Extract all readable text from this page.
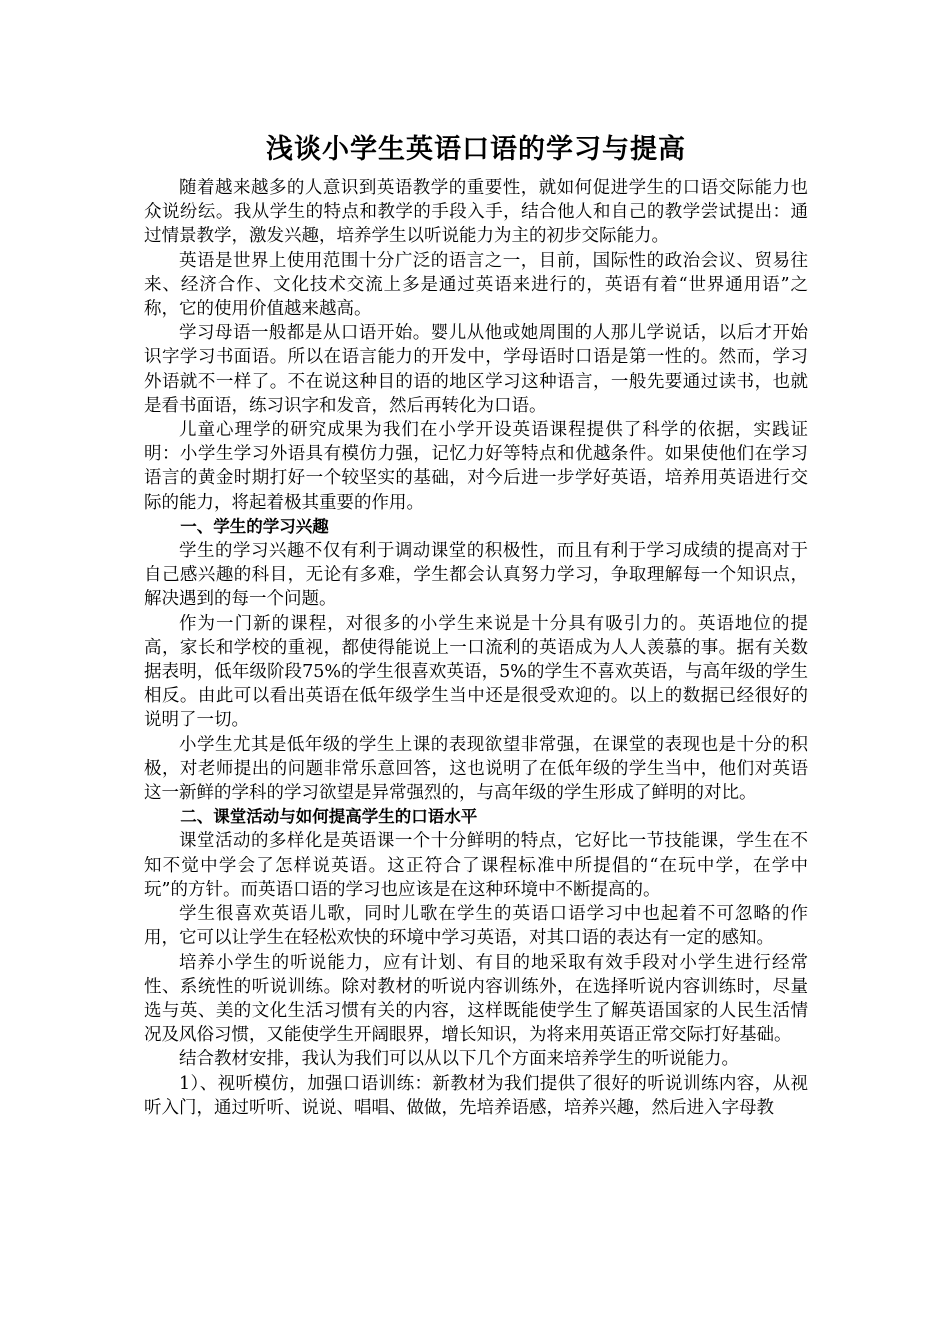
浅谈小学生英语口语的学习与提高

随着越来越多的人意识到英语教学的重要性，就如何促进学生的口语交际能力也众说纷纭。我从学生的特点和教学的手段入手，结合他人和自己的教学尝试提出：通过情景教学，激发兴趣，培养学生以听说能力为主的初步交际能力。

英语是世界上使用范围十分广泛的语言之一，目前，国际性的政治会议、贸易往来、经济合作、文化技术交流上多是通过英语来进行的，英语有着“世界通用语”之称，它的使用价值越来越高。

学习母语一般都是从口语开始。婴儿从他或她周围的人那儿学说话，以后才开始识字学习书面语。所以在语言能力的开发中，学母语时口语是第一性的。然而，学习外语就不一样了。不在说这种目的语的地区学习这种语言，一般先要通过读书，也就是看书面语，练习识字和发音，然后再转化为口语。

儿童心理学的研究成果为我们在小学开设英语课程提供了科学的依据，实践证明：小学生学习外语具有模仿力强，记忆力好等特点和优越条件。如果使他们在学习语言的黄金时期打好一个较坚实的基础，对今后进一步学好英语，培养用英语进行交际的能力，将起着极其重要的作用。

一、学生的学习兴趣

学生的学习兴趣不仅有利于调动课堂的积极性，而且有利于学习成绩的提高对于自己感兴趣的科目，无论有多难，学生都会认真努力学习，争取理解每一个知识点，解决遇到的每一个问题。

作为一门新的课程，对很多的小学生来说是十分具有吸引力的。英语地位的提高，家长和学校的重视，都使得能说上一口流利的英语成为人人羡慕的事。据有关数据表明，低年级阶段75%的学生很喜欢英语，5%的学生不喜欢英语，与高年级的学生相反。由此可以看出英语在低年级学生当中还是很受欢迎的。以上的数据已经很好的说明了一切。

小学生尤其是低年级的学生上课的表现欲望非常强，在课堂的表现也是十分的积极，对老师提出的问题非常乐意回答，这也说明了在低年级的学生当中，他们对英语这一新鲜的学科的学习欲望是异常强烈的，与高年级的学生形成了鲜明的对比。

二、课堂活动与如何提高学生的口语水平

课堂活动的多样化是英语课一个十分鲜明的特点，它好比一节技能课，学生在不知不觉中学会了怎样说英语。这正符合了课程标准中所提倡的“在玩中学，在学中玩”的方针。而英语口语的学习也应该是在这种环境中不断提高的。

学生很喜欢英语儿歌，同时儿歌在学生的英语口语学习中也起着不可忽略的作用，它可以让学生在轻松欢快的环境中学习英语，对其口语的表达有一定的感知。

培养小学生的听说能力，应有计划、有目的地采取有效手段对小学生进行经常性、系统性的听说训练。除对教材的听说内容训练外，在选择听说内容训练时，尽量选与英、美的文化生活习惯有关的内容，这样既能使学生了解英语国家的人民生活情况及风俗习惯，又能使学生开阔眼界，增长知识，为将来用英语正常交际打好基础。

结合教材安排，我认为我们可以从以下几个方面来培养学生的听说能力。

1）、视听模仿，加强口语训练：新教材为我们提供了很好的听说训练内容，从视听入门，通过听听、说说、唱唱、做做，先培养语感，培养兴趣，然后进入字母教
